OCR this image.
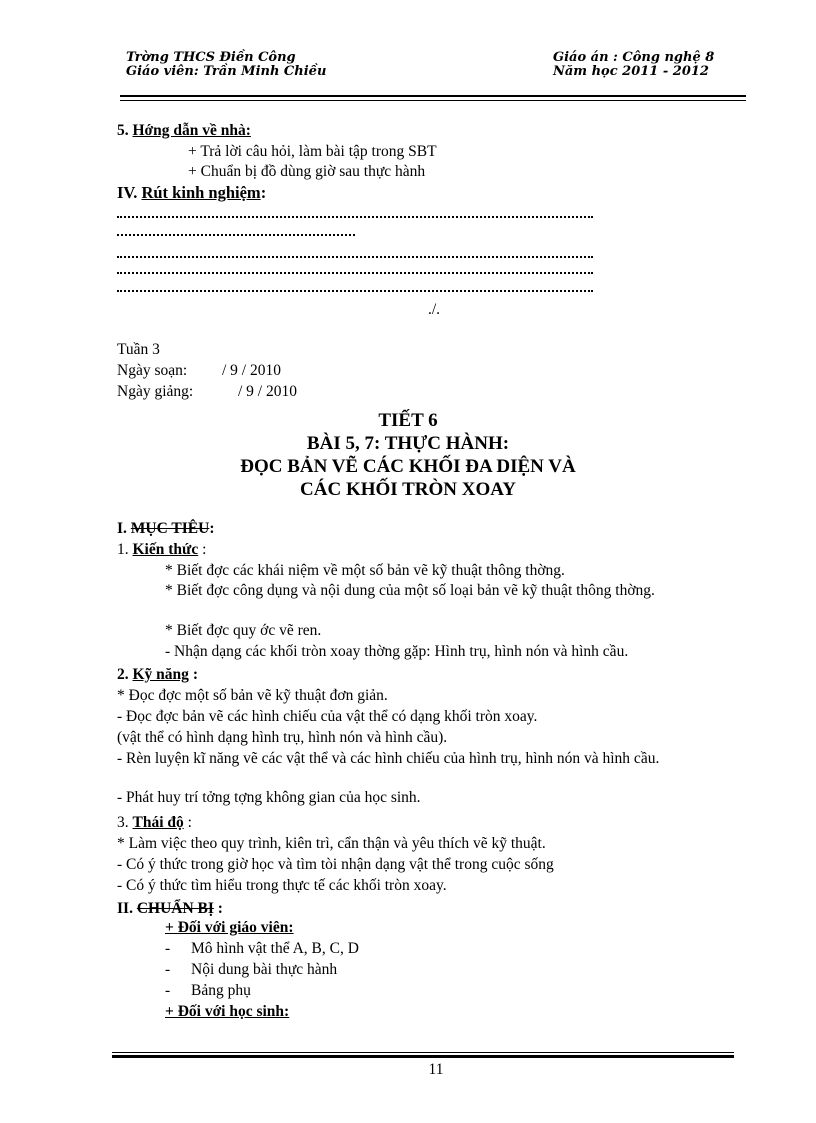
Trờng THCS Điền Công
Giáo viên: Trần Minh Chiều
Giáo án : Công nghệ 8
Năm học 2011 - 2012
5. Hớng dẫn về nhà:
+ Trả lời câu hỏi, làm bài tập trong SBT
+ Chuẩn bị đồ dùng giờ sau thực hành
IV. Rút kinh nghiệm:
./.
Tuần 3
Ngày soạn: / 9 / 2010
Ngày giảng:	/ 9 / 2010
TIẾT 6
BÀI 5, 7: THỰC HÀNH:
ĐỌC BẢN VẼ CÁC KHỐI ĐA DIỆN VÀ
CÁC KHỐI TRÒN XOAY
I. MỤC TIÊU:
1. Kiến thức :
* Biết đợc các khái niệm về một số bản vẽ kỹ thuật thông thờng.
* Biết đợc công dụng và nội dung của một số loại bản vẽ kỹ thuật thông thờng.
* Biết đợc quy ớc vẽ ren.
- Nhận dạng các khối tròn xoay thờng gặp: Hình trụ, hình nón và hình cầu.
2. Kỹ năng :
* Đọc đợc một số bản vẽ kỹ thuật đơn giản.
- Đọc đợc bản vẽ các hình chiếu của vật thể có dạng khối tròn xoay.
(vật thể có hình dạng hình trụ, hình nón và hình cầu).
- Rèn luyện kĩ năng vẽ các vật thể và các hình chiếu của hình trụ, hình nón và hình cầu.
- Phát huy trí tởng tợng không gian của học sinh.
3. Thái độ :
* Làm việc theo quy trình, kiên trì, cẩn thận và yêu thích vẽ kỹ thuật.
- Có ý thức trong giờ học và tìm tòi nhận dạng vật thể trong cuộc sống
- Có ý thức tìm hiểu trong thực tế các khối tròn xoay.
II. CHUẨN BỊ :
+ Đối với giáo viên:
- Mô hình vật thể A, B, C, D
- Nội dung bài thực hành
- Bảng phụ
+ Đối với học sinh:
11
